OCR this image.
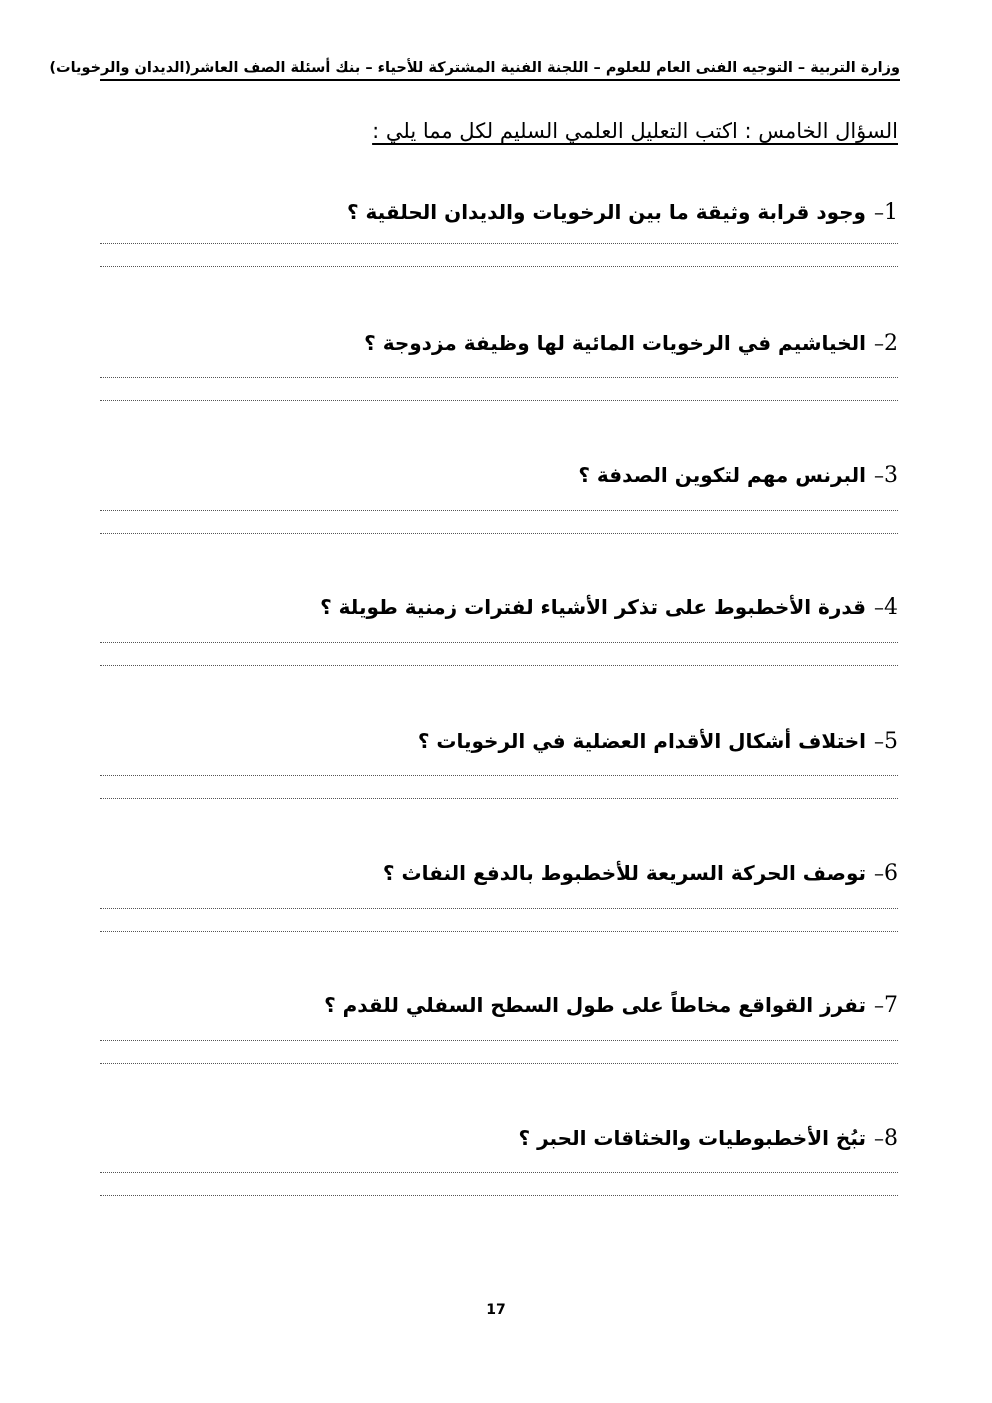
وزارة التربية – التوجيه الفنى العام للعلوم – اللجنة الفنية المشتركة للأحياء – بنك أسئلة الصف العاشر(الديدان والرخويات)
السؤال الخامس : اكتب التعليل العلمي السليم لكل مما يلي :
1–وجود قرابة وثيقة ما بين الرخويات والديدان الحلقية ؟
2–الخياشيم في الرخويات المائية لها وظيفة مزدوجة ؟
3–البرنس مهم لتكوين الصدفة ؟
4–قدرة الأخطبوط على تذكر الأشياء لفترات زمنية طويلة ؟
5–اختلاف أشكال الأقدام العضلية في الرخويات ؟
6–توصف الحركة السريعة للأخطبوط بالدفع النفاث ؟
7–تفرز القواقع مخاطاً على طول السطح السفلي للقدم ؟
8–تبُخ الأخطبوطيات والخثاقات الحبر ؟
17
